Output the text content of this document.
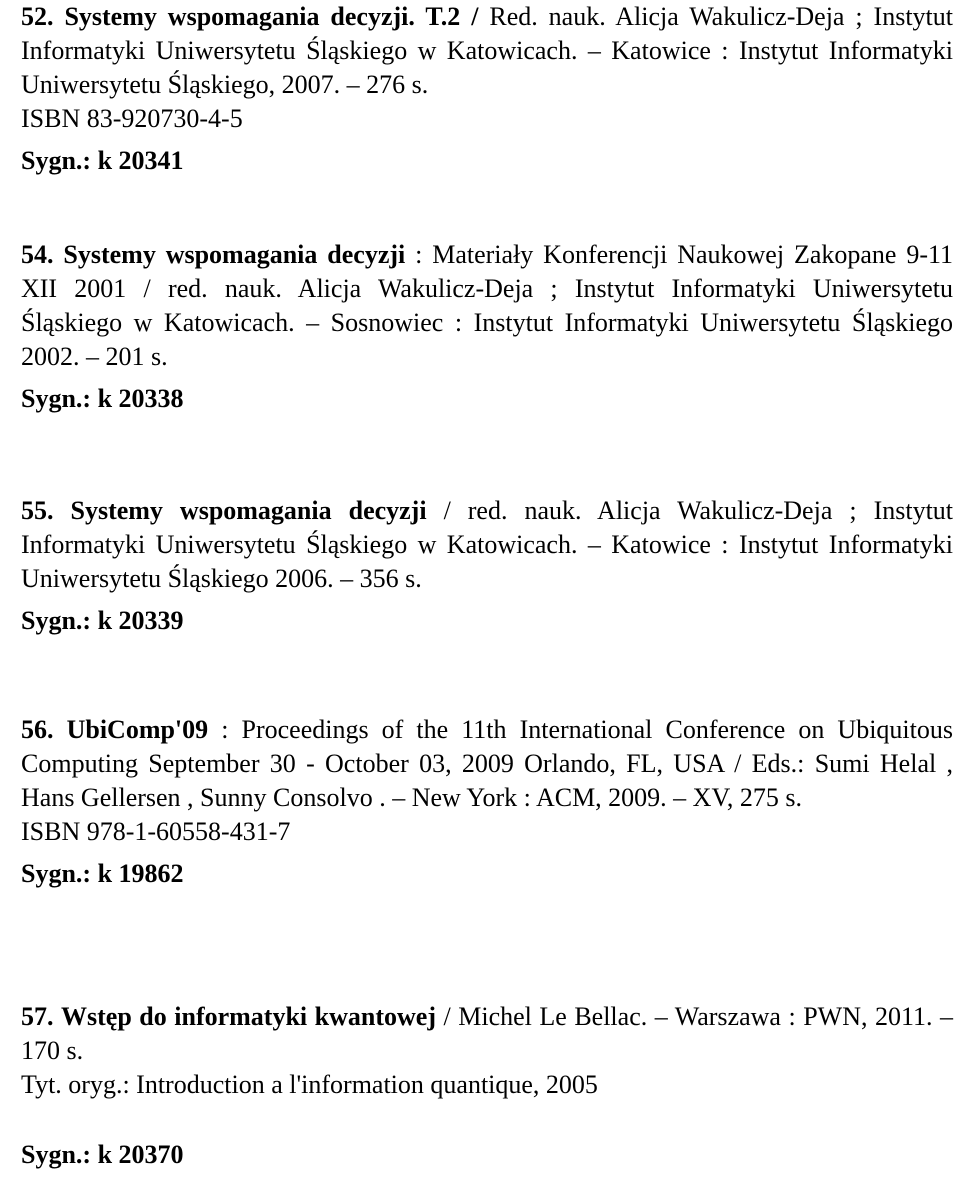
52. Systemy wspomagania decyzji. T.2 / Red. nauk. Alicja Wakulicz-Deja ; Instytut Informatyki Uniwersytetu Śląskiego w Katowicach. – Katowice : Instytut Informatyki Uniwersytetu Śląskiego, 2007. – 276 s.

ISBN 83-920730-4-5

Sygn.: k 20341

54. Systemy wspomagania decyzji : Materiały Konferencji Naukowej Zakopane 9-11 XII 2001 / red. nauk. Alicja Wakulicz-Deja ; Instytut Informatyki Uniwersytetu Śląskiego w Katowicach. – Sosnowiec : Instytut Informatyki Uniwersytetu Śląskiego 2002. – 201 s.

Sygn.: k 20338

55. Systemy wspomagania decyzji / red. nauk. Alicja Wakulicz-Deja ; Instytut Informatyki Uniwersytetu Śląskiego w Katowicach. – Katowice : Instytut Informatyki Uniwersytetu Śląskiego 2006. – 356 s.

Sygn.: k 20339

56. UbiComp'09 : Proceedings of the 11th International Conference on Ubiquitous Computing September 30 - October 03, 2009 Orlando, FL, USA / Eds.: Sumi Helal , Hans Gellersen , Sunny Consolvo . – New York : ACM, 2009. – XV, 275 s.

ISBN 978-1-60558-431-7

Sygn.: k 19862

57. Wstęp do informatyki kwantowej / Michel Le Bellac. – Warszawa : PWN, 2011. – 170 s.

Tyt. oryg.: Introduction a l'information quantique, 2005

Sygn.: k 20370
